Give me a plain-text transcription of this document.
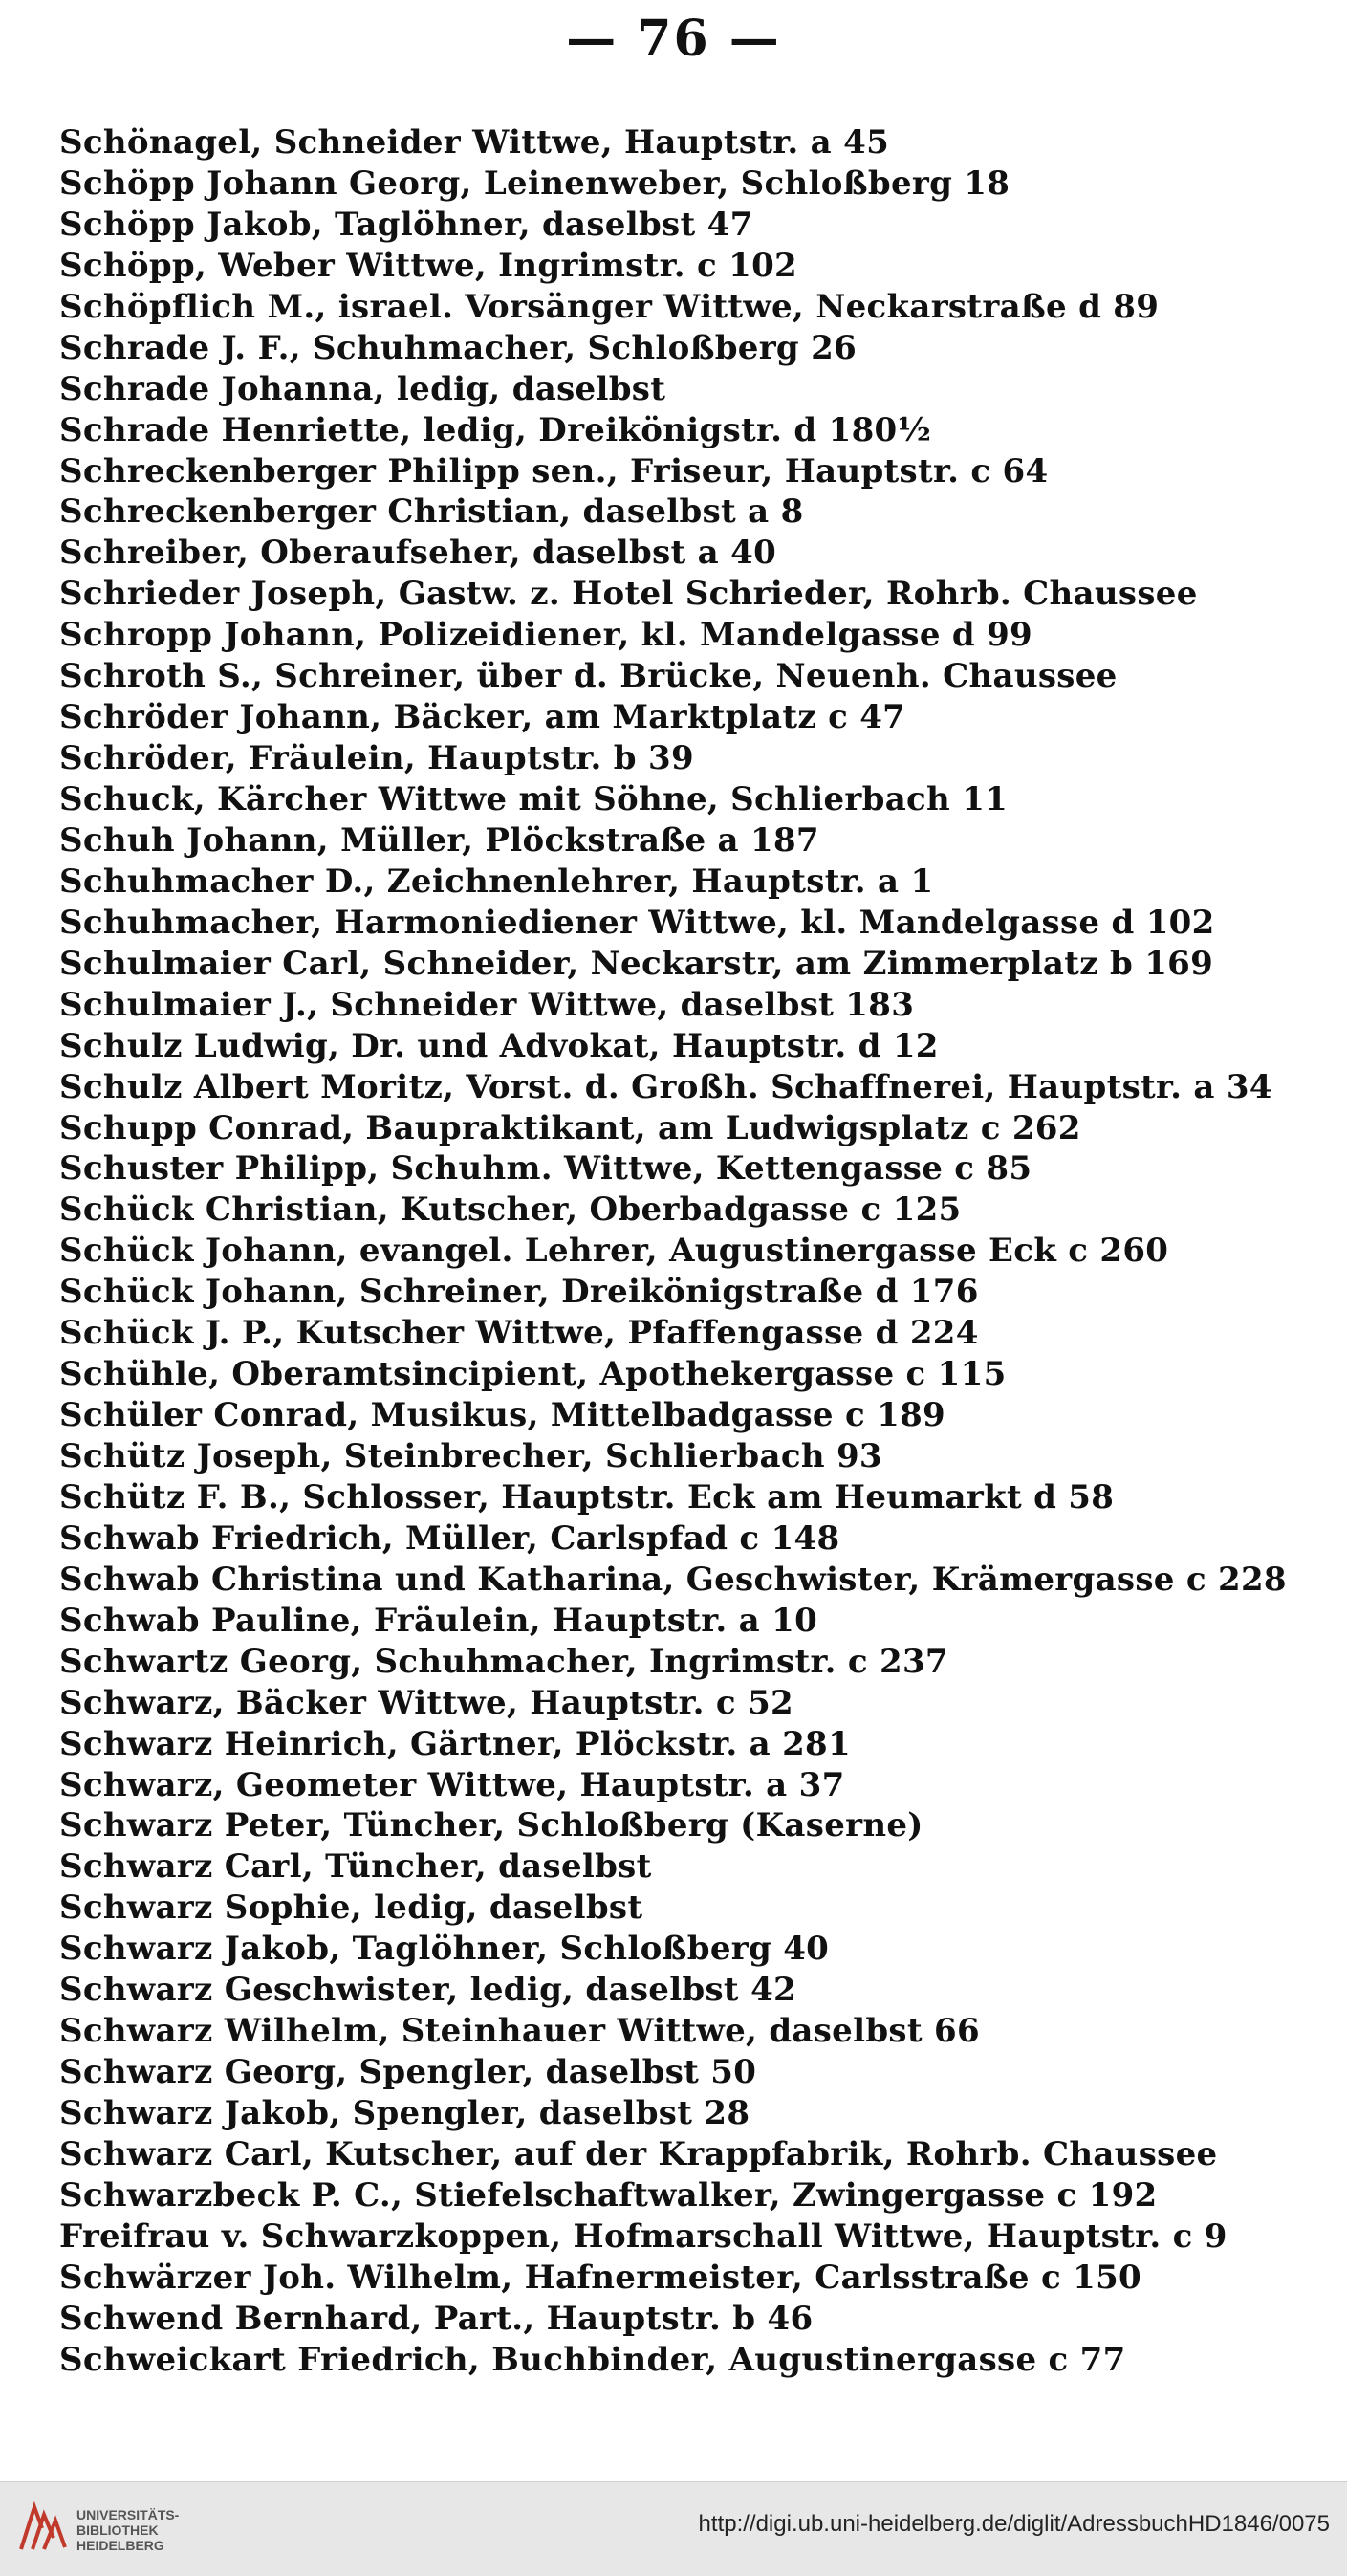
— 76 —
Schönagel, Schneider Wittwe, Hauptstr. a 45
Schöpp Johann Georg, Leinenweber, Schloßberg 18
Schöpp Jakob, Taglöhner, daselbst 47
Schöpp, Weber Wittwe, Ingrimstr. c 102
Schöpflich M., israel. Vorsänger Wittwe, Neckarstraße d 89
Schrade J. F., Schuhmacher, Schloßberg 26
Schrade Johanna, ledig, daselbst
Schrade Henriette, ledig, Dreikönigstr. d 180½
Schreckenberger Philipp sen., Friseur, Hauptstr. c 64
Schreckenberger Christian, daselbst a 8
Schreiber, Oberaufseher, daselbst a 40
Schrieder Joseph, Gastw. z. Hotel Schrieder, Rohrb. Chaussee
Schropp Johann, Polizeidiener, kl. Mandelgasse d 99
Schroth S., Schreiner, über d. Brücke, Neuenh. Chaussee
Schröder Johann, Bäcker, am Marktplatz c 47
Schröder, Fräulein, Hauptstr. b 39
Schuck, Kärcher Wittwe mit Söhne, Schlierbach 11
Schuh Johann, Müller, Plöckstraße a 187
Schuhmacher D., Zeichnenlehrer, Hauptstr. a 1
Schuhmacher, Harmoniediener Wittwe, kl. Mandelgasse d 102
Schulmaier Carl, Schneider, Neckarstr, am Zimmerplatz b 169
Schulmaier J., Schneider Wittwe, daselbst 183
Schulz Ludwig, Dr. und Advokat, Hauptstr. d 12
Schulz Albert Moritz, Vorst. d. Großh. Schaffnerei, Hauptstr. a 34
Schupp Conrad, Baupraktikant, am Ludwigsplatz c 262
Schuster Philipp, Schuhm. Wittwe, Kettengasse c 85
Schück Christian, Kutscher, Oberbadgasse c 125
Schück Johann, evangel. Lehrer, Augustinergasse Eck c 260
Schück Johann, Schreiner, Dreikönigstraße d 176
Schück J. P., Kutscher Wittwe, Pfaffengasse d 224
Schühle, Oberamtsincipient, Apothekergasse c 115
Schüler Conrad, Musikus, Mittelbadgasse c 189
Schütz Joseph, Steinbrecher, Schlierbach 93
Schütz F. B., Schlosser, Hauptstr. Eck am Heumarkt d 58
Schwab Friedrich, Müller, Carlspfad c 148
Schwab Christina und Katharina, Geschwister, Krämergasse c 228
Schwab Pauline, Fräulein, Hauptstr. a 10
Schwartz Georg, Schuhmacher, Ingrimstr. c 237
Schwarz, Bäcker Wittwe, Hauptstr. c 52
Schwarz Heinrich, Gärtner, Plöckstr. a 281
Schwarz, Geometer Wittwe, Hauptstr. a 37
Schwarz Peter, Tüncher, Schloßberg (Kaserne)
Schwarz Carl, Tüncher, daselbst
Schwarz Sophie, ledig, daselbst
Schwarz Jakob, Taglöhner, Schloßberg 40
Schwarz Geschwister, ledig, daselbst 42
Schwarz Wilhelm, Steinhauer Wittwe, daselbst 66
Schwarz Georg, Spengler, daselbst 50
Schwarz Jakob, Spengler, daselbst 28
Schwarz Carl, Kutscher, auf der Krappfabrik, Rohrb. Chaussee
Schwarzbeck P. C., Stiefelschaftwalker, Zwingergasse c 192
Freifrau v. Schwarzkoppen, Hofmarschall Wittwe, Hauptstr. c 9
Schwärzer Joh. Wilhelm, Hafnermeister, Carlsstraße c 150
Schwend Bernhard, Part., Hauptstr. b 46
Schweickart Friedrich, Buchbinder, Augustinergasse c 77
UNIVERSITÄTS-
BIBLIOTHEK
HEIDELBERG
http://digi.ub.uni-heidelberg.de/diglit/AdressbuchHD1846/0075
